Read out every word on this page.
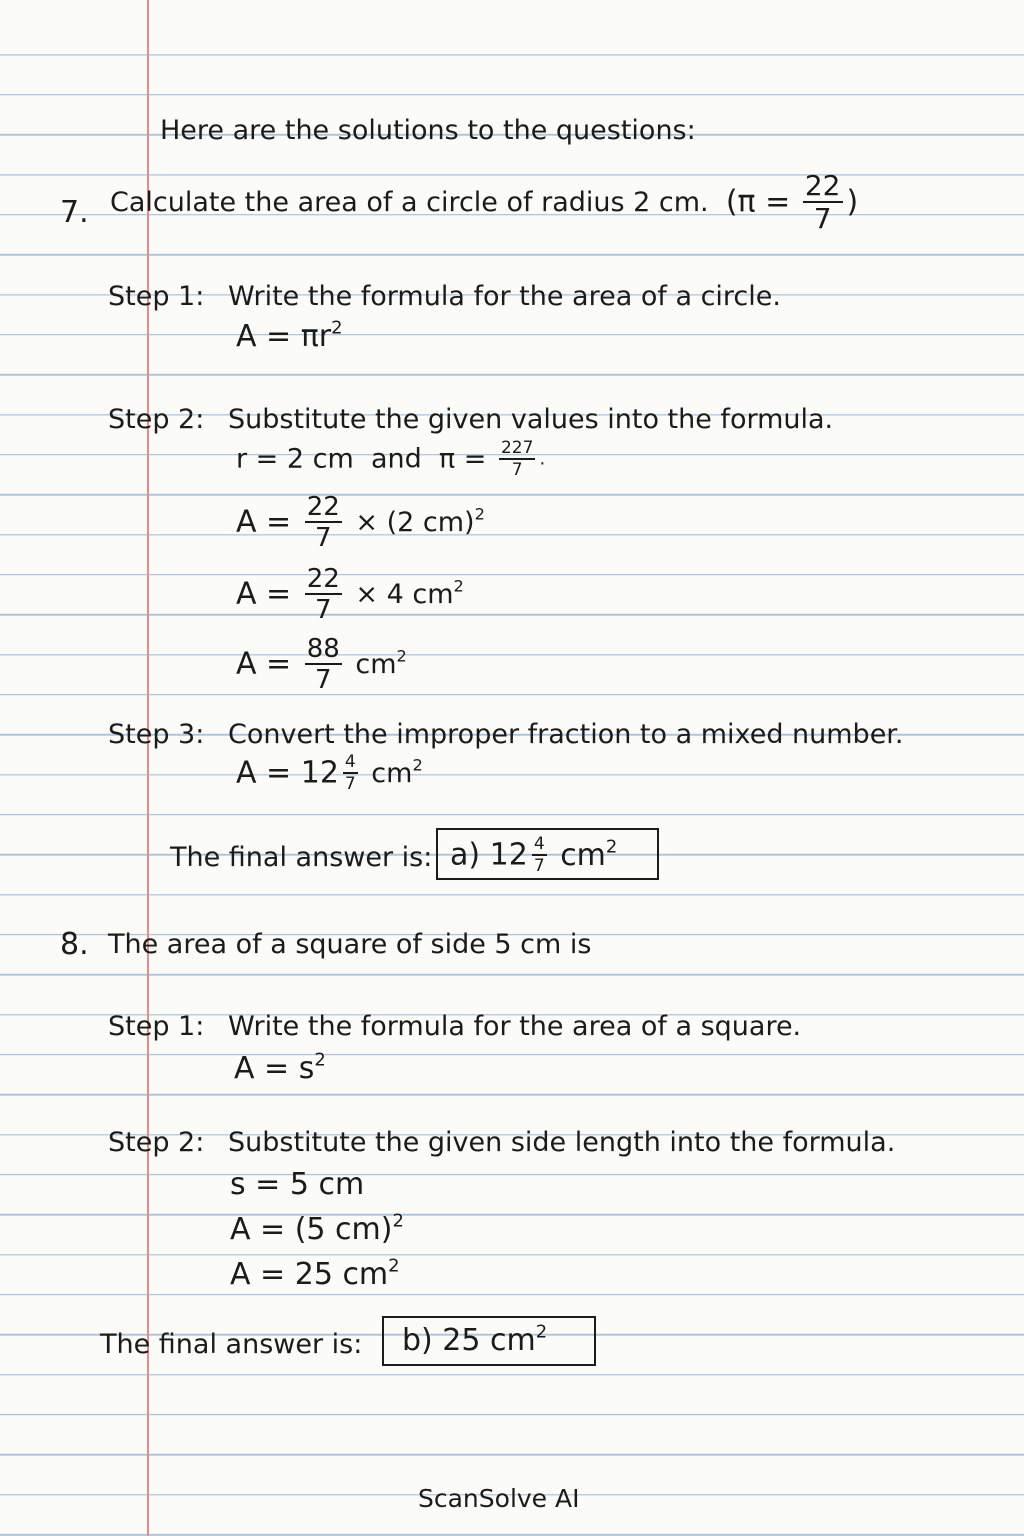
Here are the solutions to the questions:
7. Calculate the area of a circle of radius 2 cm. ($\pi = \frac{22}{7}$ )
Step 1: Write the formula for the area of a circle.
$A = \pi r^2$
Step 2: Substitute the given values into the formula.
r = 2 cm  and  $\pi = \frac{227}{7}$ .
$A = \frac{22}{7} \times (2$ cm)$^2$
$A = \frac{22}{7} \times 4$ $cm^2$
$A = \frac{88}{7} cm^2$
Step 3: Convert the improper fraction to a mixed number.
$A = 12 \frac{4}{7} cm^2$
The final answer is: a) $12 \frac{4}{7} cm^2$
8. The area of a square of side 5 cm is
Step 1: Write the formula for the area of a square.
$A = s^2$
Step 2: Substitute the given side length into the formula.
s = 5 cm
A = (5 cm)$^2$
A = 25 $cm^2$
The final answer is:	b) 25 $cm^2$
ScanSolve AI
